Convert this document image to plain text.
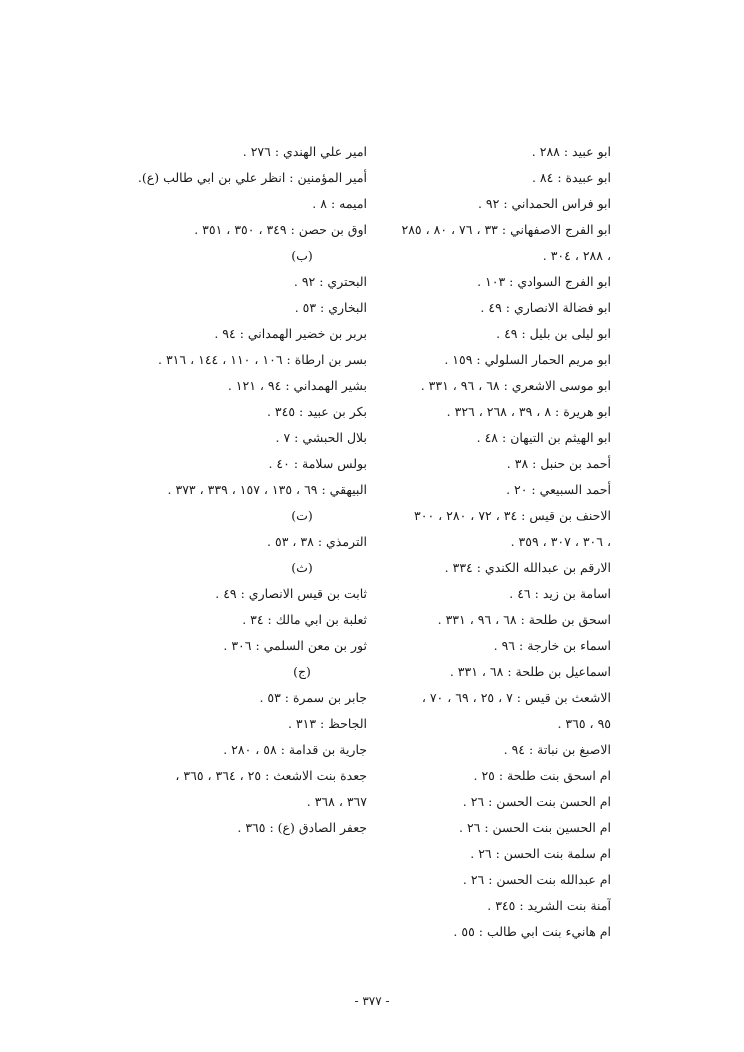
ابو عبيد : ٢٨٨ .
ابو عبيدة : ٨٤ .
ابو فراس الحمداني : ٩٢ .
ابو الفرج الاصفهاني : ٣٣ ، ٧٦ ، ٨٠ ، ٢٨٥
، ٢٨٨ ، ٣٠٤ .
ابو الفرج السوادي : ١٠٣ .
ابو فضالة الانصاري : ٤٩ .
ابو ليلى بن بليل : ٤٩ .
ابو مريم الحمار السلولي : ١٥٩ .
ابو موسى الاشعري : ٦٨ ، ٩٦ ، ٣٣١ .
ابو هريرة : ٨ ، ٣٩ ، ٢٦٨ ، ٣٢٦ .
ابو الهيثم بن التيهان : ٤٨ .
أحمد بن حنبل : ٣٨ .
أحمد السبيعي : ٢٠ .
الاحنف بن قيس : ٣٤ ، ٧٢ ، ٢٨٠ ، ٣٠٠
، ٣٠٦ ، ٣٠٧ ، ٣٥٩ .
الارقم بن عبدالله الكندي : ٣٣٤ .
اسامة بن زيد : ٤٦ .
اسحق بن طلحة : ٦٨ ، ٩٦ ، ٣٣١ .
اسماء بن خارجة : ٩٦ .
اسماعيل بن طلحة : ٦٨ ، ٣٣١ .
الاشعث بن قيس : ٧ ، ٢٥ ، ٦٩ ، ٧٠ ،
٩٥ ، ٣٦٥ .
الاصبغ بن نباتة : ٩٤ .
ام اسحق بنت طلحة : ٢٥ .
ام الحسن بنت الحسن : ٢٦ .
ام الحسين بنت الحسن : ٢٦ .
ام سلمة بنت الحسن : ٢٦ .
ام عبدالله بنت الحسن : ٢٦ .
آمنة بنت الشريد : ٣٤٥ .
ام هانيء بنت ابي طالب : ٥٥ .
امير علي الهندي : ٢٧٦ .
أمير المؤمنين : انظر علي بن ابي طالب (ع).
اميمه : ٨ .
اوق بن حصن : ٣٤٩ ، ٣٥٠ ، ٣٥١ .
(ب)
البحتري : ٩٢ .
البخاري : ٥٣ .
بربر بن خضير الهمداني : ٩٤ .
بسر بن ارطاة : ١٠٦ ، ١١٠ ، ١٤٤ ، ٣١٦ .
بشير الهمداني : ٩٤ ، ١٢١ .
بكر بن عبيد : ٣٤٥ .
بلال الحبشي : ٧ .
بولس سلامة : ٤٠ .
البيهقي : ٦٩ ، ١٣٥ ، ١٥٧ ، ٣٣٩ ، ٣٧٣ .
(ت)
الترمذي : ٣٨ ، ٥٣ .
(ث)
ثابت بن قيس الانصاري : ٤٩ .
ثعلبة بن ابي مالك : ٣٤ .
ثور بن معن السلمي : ٣٠٦ .
(ج)
جابر بن سمرة : ٥٣ .
الجاحظ : ٣١٣ .
جارية بن قدامة : ٥٨ ، ٢٨٠ .
جعدة بنت الاشعث : ٢٥ ، ٣٦٤ ، ٣٦٥ ،
٣٦٧ ، ٣٦٨ .
جعفر الصادق (ع) : ٣٦٥ .
- ٣٧٧ -
